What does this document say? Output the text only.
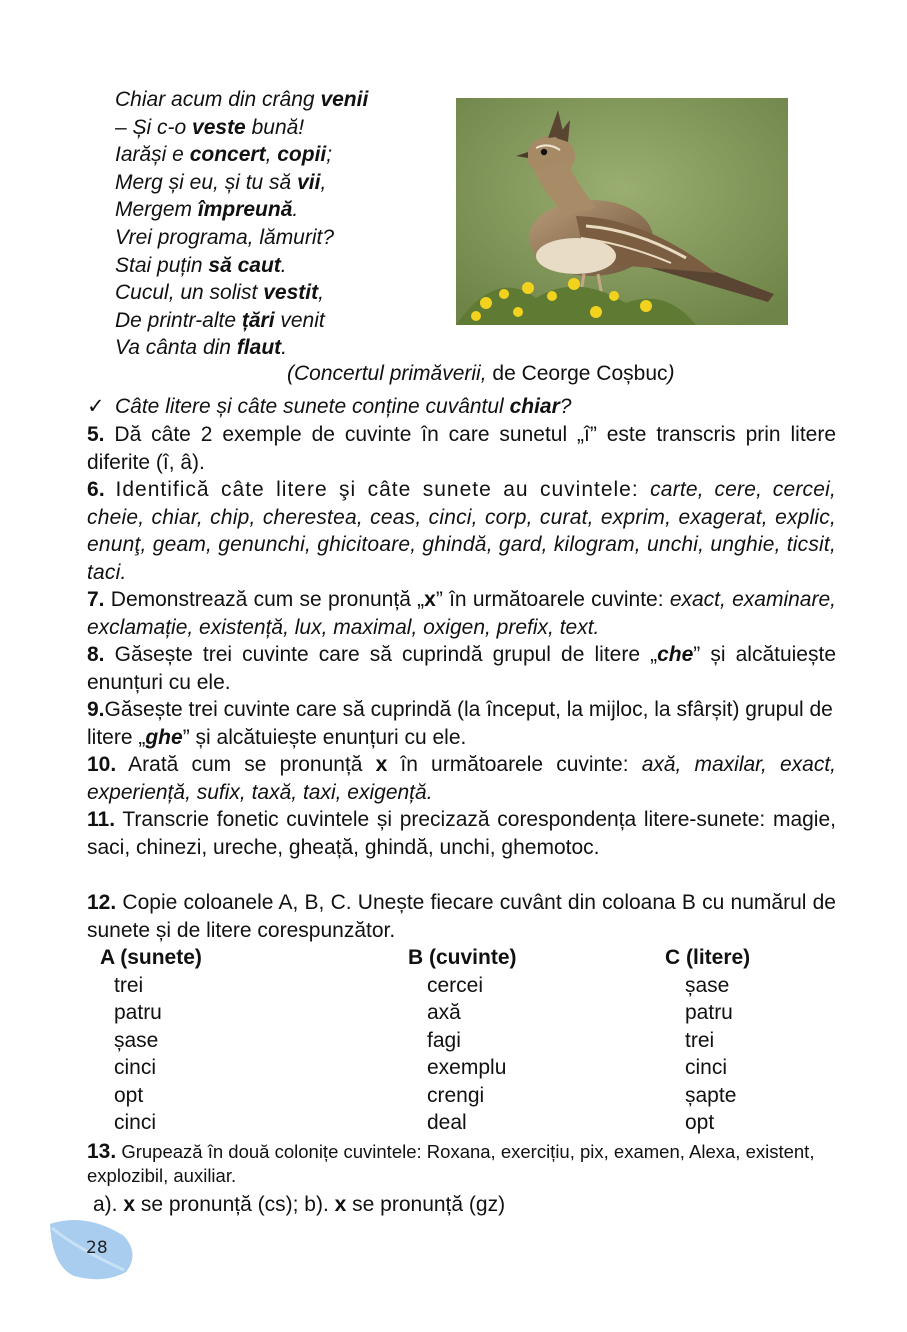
Chiar acum din crâng venii
– Și c-o veste bună!
Iarăși e concert, copii;
Merg și eu, și tu să vii,
Mergem împreună.
Vrei programa, lămurit?
Stai puțin să caut.
Cucul, un solist vestit,
De printr-alte țări venit
Va cânta din flaut.
(Concertul primăverii, de Ceorge Coșbuc)
✓ Câte litere și câte sunete conține cuvântul chiar?
5. Dă câte 2 exemple de cuvinte în care sunetul „î” este transcris prin litere diferite (î, â).
6. Identifică câte litere şi câte sunete au cuvintele: carte, cere, cercei, cheie, chiar, chip, cherestea, ceas, cinci, corp, curat, exprim, exagerat, explic, enunţ, geam, genunchi, ghicitoare, ghindă, gard, kilogram, unchi, unghie, ticsit, taci.
7. Demonstrează cum se pronunță „x” în următoarele cuvinte: exact, examinare, exclamație, existență, lux, maximal, oxigen, prefix, text.
8. Găsește trei cuvinte care să cuprindă grupul de litere „che” și alcătuiește enunțuri cu ele.
9.Găsește trei cuvinte care să cuprindă (la început, la mijloc, la sfârșit) grupul de litere „ghe” și alcătuiește enunțuri cu ele.
10. Arată cum se pronunță x în următoarele cuvinte: axă, maxilar, exact, experiență, sufix, taxă, taxi, exigență.
11. Transcrie fonetic cuvintele și precizază corespondența litere-sunete: magie, saci, chinezi, ureche, gheață, ghindă, unchi, ghemotoc.
12. Copie coloanele A, B, C. Unește fiecare cuvânt din coloana B cu numărul de sunete și de litere corespunzător.
A (sunete)
trei
patru
șase
cinci
opt
cinci
B (cuvinte)
cercei
axă
fagi
exemplu
crengi
deal
C (litere)
șase
patru
trei
cinci
șapte
opt
13. Grupează în două colonițe cuvintele: Roxana, exercițiu, pix, examen, Alexa, existent, explozibil, auxiliar.
a). x se pronunță (cs); b). x se pronunță (gz)
28
